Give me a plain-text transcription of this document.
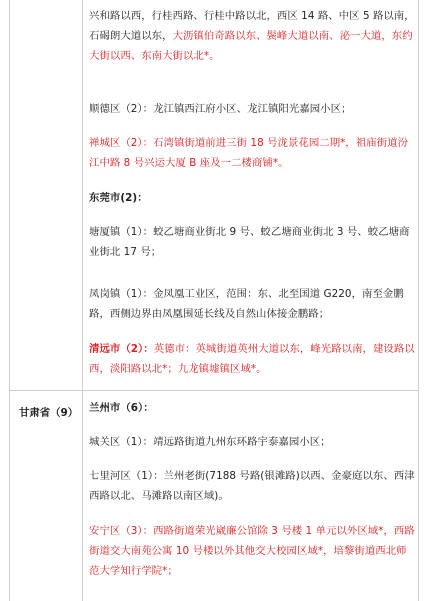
兴和路以西，行桂西路、行桂中路以北，西区 14 路、中区 5 路以南，石碣朗大道以东，大沥镇伯奇路以东、鬓峰大道以南、泌一大道，东约大街以西、东南大街以北*。
顺德区（2）：龙江镇西江府小区、龙江镇阳光嘉园小区；
禅城区（2）：石湾镇街道前进三街 18 号泷景花园二期*，祖庙街道汾江中路 8 号兴运大厦 B 座及一二楼商铺*。
东莞市(2)：
塘厦镇（1）：蛟乙塘商业街北 9 号、蛟乙塘商业街北 3 号、蛟乙塘商业街北 17 号；
凤岗镇（1）：金凤凰工业区，范围：东、北至国道 G220，南至金鹏路，西侧边界由凤凰围延长线及自然山体接金鹏路；
清远市（2）：英德市：英城街道英州大道以东，峰光路以南，建设路以西，淡阳路以北*；九龙镇墟镇区域*。
甘肃省（9） 兰州市（6）：
城关区（1）：靖远路街道九州东环路宇泰嘉园小区；
七里河区（1）：兰州老街(7188 号路(银滩路)以西、金豪庭以东、西津西路以北、马滩路以南区域)。
安宁区（3）：西路街道荣光崴廉公馆除 3 号楼 1 单元以外区域*，西路街道交大南苑公寓 10 号楼以外其他交大校园区域*，培黎街道西北师范大学知行学院*；
